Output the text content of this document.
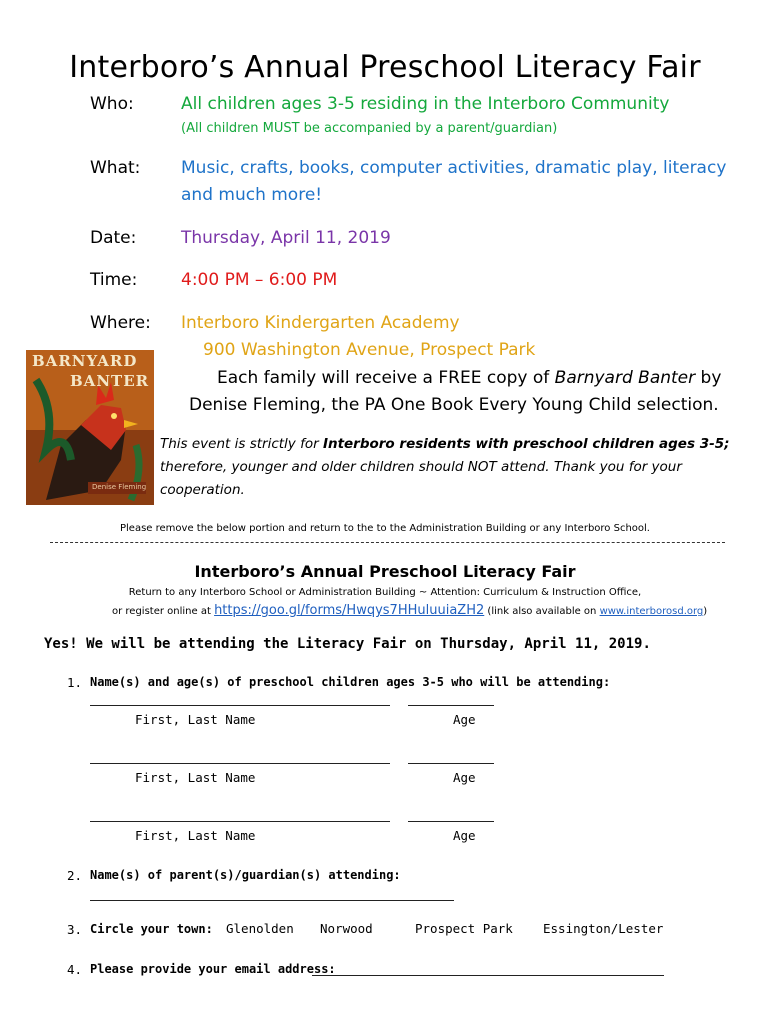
Interboro’s Annual Preschool Literacy Fair
Who:	All children ages 3-5 residing in the Interboro Community
(All children MUST be accompanied by a parent/guardian)
What: Music, crafts, books, computer activities, dramatic play, literacy
and much more!
Date:	Thursday, April 11, 2019
Time:	4:00 PM – 6:00 PM
Where: Interboro Kindergarten Academy
900 Washington Avenue, Prospect Park
BARNYARD
BANTER
Denise Fleming
Each family will receive a FREE copy of Barnyard Banter by
Denise Fleming, the PA One Book Every Young Child selection.
This event is strictly for Interboro residents with preschool children ages 3-5;
therefore, younger and older children should NOT attend. Thank you for your
cooperation.
Please remove the below portion and return to the to the Administration Building or any Interboro School.
Interboro’s Annual Preschool Literacy Fair
Return to any Interboro School or Administration Building ~ Attention: Curriculum & Instruction Office,
or register online at https://goo.gl/forms/Hwqys7HHuluuiaZH2 (link also available on www.interborosd.org)
Yes! We will be attending the Literacy Fair on Thursday, April 11, 2019.
1. Name(s) and age(s) of preschool children ages 3-5 who will be attending:
First, Last Name	Age
First, Last Name	Age
First, Last Name	Age
2. Name(s) of parent(s)/guardian(s) attending:
3. Circle your town: Glenolden Norwood	Prospect Park Essington/Lester
4. Please provide your email address:
